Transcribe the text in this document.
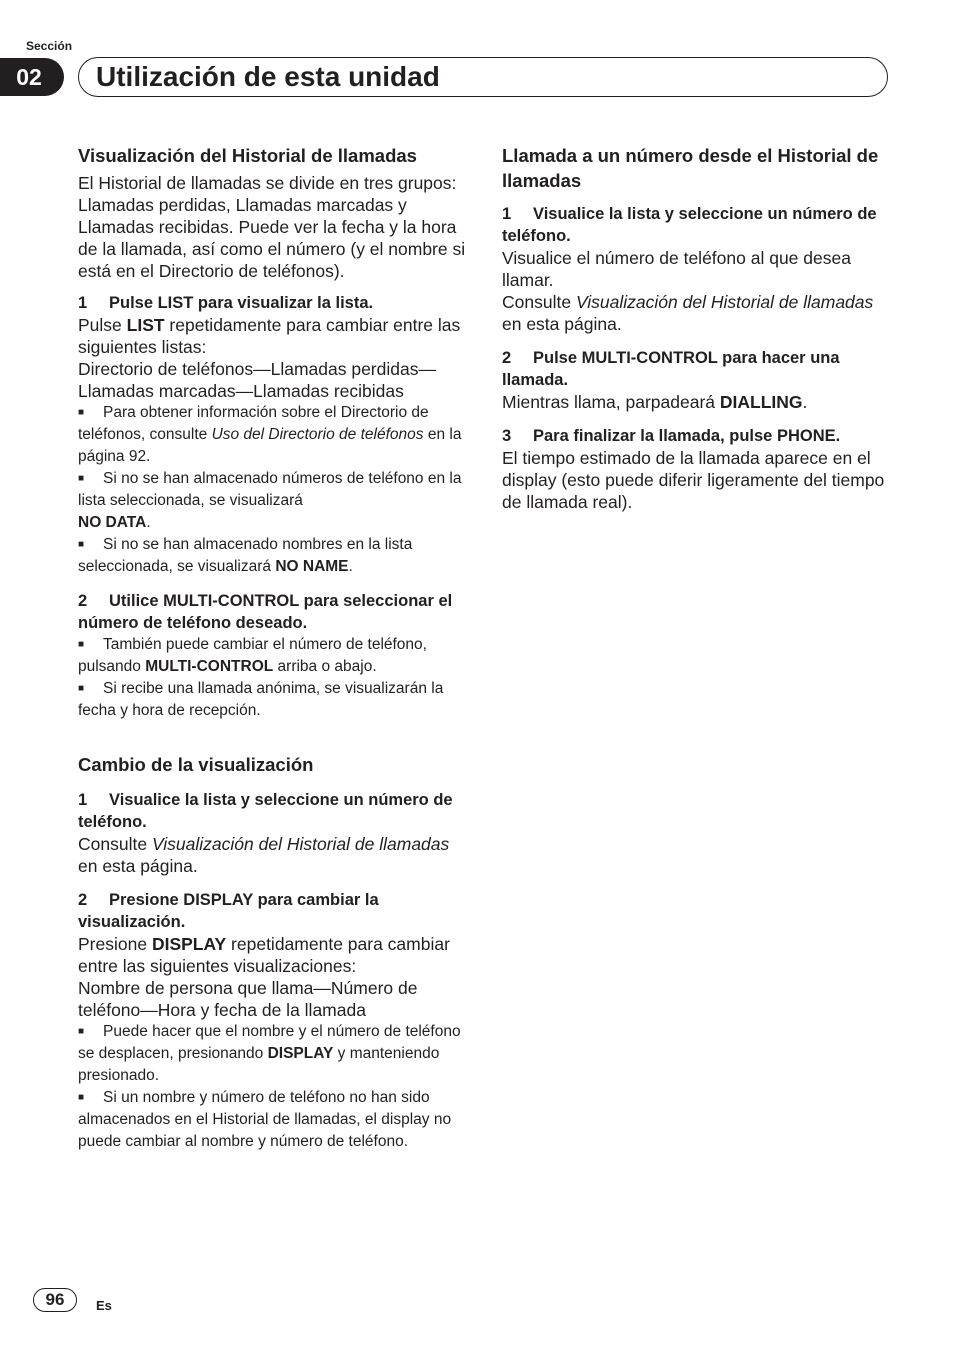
Sección
02	Utilización de esta unidad
Visualización del Historial de llamadas

El Historial de llamadas se divide en tres grupos: Llamadas perdidas, Llamadas marcadas y Llamadas recibidas. Puede ver la fecha y la hora de la llamada, así como el número (y el nombre si está en el Directorio de teléfonos).

1 Pulse LIST para visualizar la lista.

Pulse LIST repetidamente para cambiar entre las siguientes listas:

Directorio de teléfonos—Llamadas perdidas—Llamadas marcadas—Llamadas recibidas

■ Para obtener información sobre el Directorio de teléfonos, consulte Uso del Directorio de teléfonos en la página 92.
■ Si no se han almacenado números de teléfono en la lista seleccionada, se visualizará
NO DATA.
■ Si no se han almacenado nombres en la lista seleccionada, se visualizará NO NAME.
2 Utilice MULTI-CONTROL para seleccionar el número de teléfono deseado.
■ También puede cambiar el número de teléfono, pulsando MULTI-CONTROL arriba o abajo.
■ Si recibe una llamada anónima, se visualizarán la fecha y hora de recepción.
Cambio de la visualización
1 Visualice la lista y seleccione un número de teléfono.

Consulte Visualización del Historial de llamadas en esta página.

2 Presione DISPLAY para cambiar la visualización.

Presione DISPLAY repetidamente para cambiar entre las siguientes visualizaciones:

Nombre de persona que llama—Número de teléfono—Hora y fecha de la llamada

■ Puede hacer que el nombre y el número de teléfono se desplacen, presionando DISPLAY y manteniendo presionado.
■ Si un nombre y número de teléfono no han sido almacenados en el Historial de llamadas, el display no puede cambiar al nombre y número de teléfono.
Llamada a un número desde el Historial de llamadas
1 Visualice la lista y seleccione un número de teléfono.

Visualice el número de teléfono al que desea llamar.

Consulte Visualización del Historial de llamadas en esta página.

2 Pulse MULTI-CONTROL para hacer una llamada.

Mientras llama, parpadeará DIALLING.

3 Para finalizar la llamada, pulse PHONE.

El tiempo estimado de la llamada aparece en el display (esto puede diferir ligeramente del tiempo de llamada real).

96	Es
